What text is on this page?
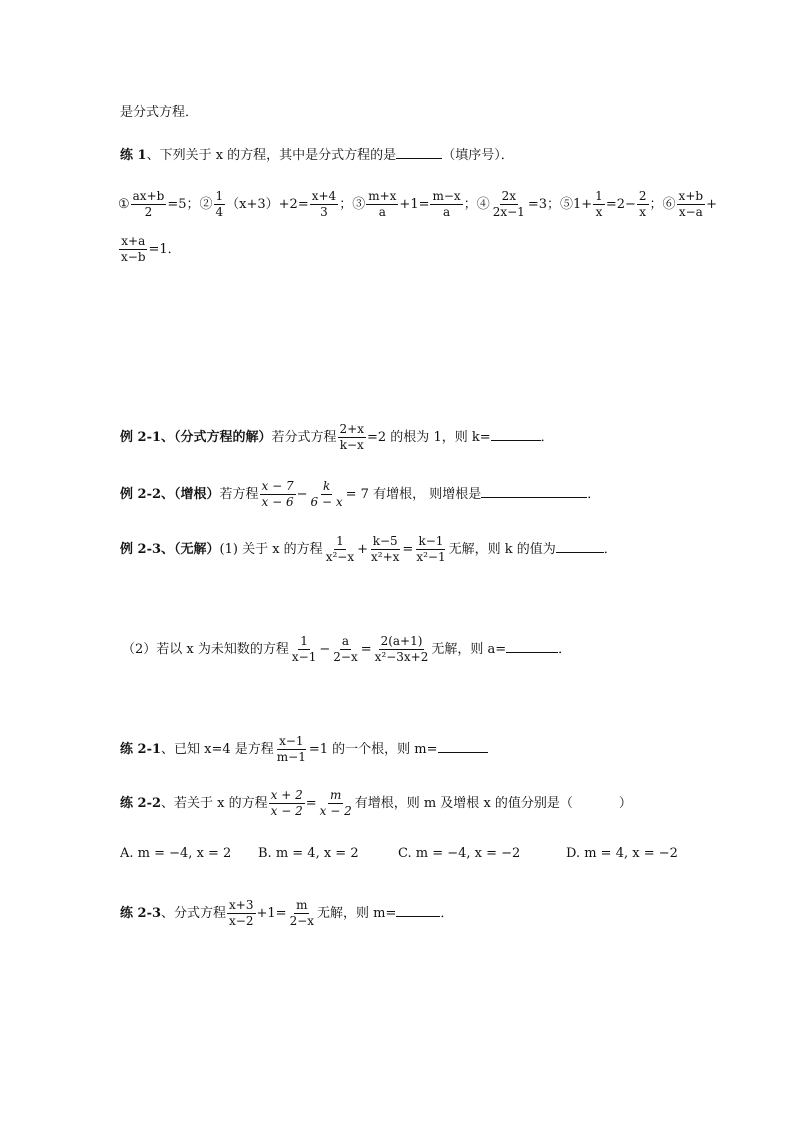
是分式方程．
练 1、下列关于 x 的方程，其中是分式方程的是	（填序号）．
① $\frac{ax+b}{2} =5$；② $\frac{1}{4} (x+3)+2= \frac{x+4}{3}$ ；③ $\frac{m+x}{a} +1= \frac{m-x}{a}$ ；④ $\frac{2x}{2x-1} =3$；⑤1+ $\frac{1}{x} =2- \frac{2}{x}$ ；⑥ $\frac{x+b}{x-a}$ +
$\frac{x+a}{x-b} =1$．
例 2-1、（分式方程的解）若分式方程 $\frac{2+x}{k-x} =2$ 的根为 1，则 k=	．
例 2-2、（增根）若方程 $\frac{x - 7}{x - 6} - \frac{k}{6 - x} = 7$ 有增根， 则增根是	．
例 2-3、（无解）(1) 关于 x 的方程 $\frac{1}{\text{x²−x}} + \frac{k-5}{\text{x²+x}} = \frac{k-1}{\text{x²−1}}$ 无解，则 k 的值为	．
（2）若以 x 为未知数的方程 $\frac{1}{x-1} - \frac{a}{2-x} = \frac{2(a+1)}{\text{x²−3x+2}}$ 无解，则 a=	．
练 2-1、已知 x=4 是方程 $\frac{x-1}{m-1} =1$ 的一个根，则 m=
练 2-2、若关于 x 的方程 $\frac{x + 2}{x - 2} = \frac{m}{x - 2}$ 有增根，则 m 及增根 x 的值分别是（	）
A. m = −4, x = 2 B. m = 4, x = 2	C. m = −4, x = −2	D. m = 4, x = −2
练 2-3、分式方程 $\frac{x+3}{x-2} +1= \frac{m}{2-x}$ 无解，则 m=	．
